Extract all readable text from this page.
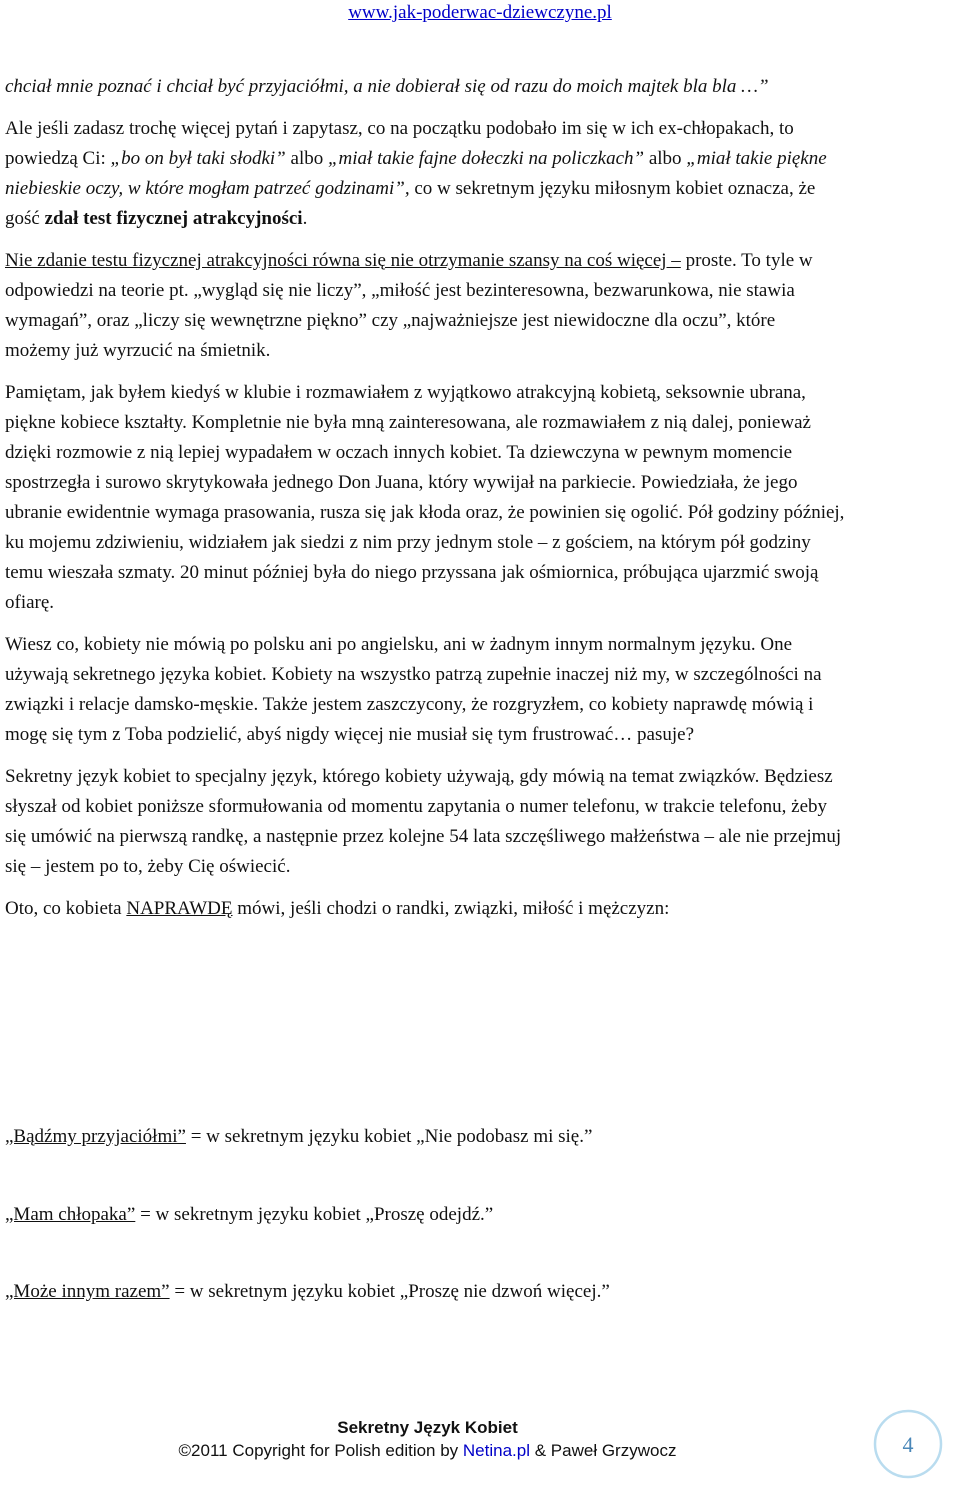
www.jak-poderwac-dziewczyne.pl

chciał mnie poznać i chciał być przyjaciółmi, a nie dobierał się od razu do moich majtek bla bla …”

Ale jeśli zadasz trochę więcej pytań i zapytasz, co na początku podobało im się w ich ex-chłopakach, to powiedzą Ci: „bo on był taki słodki” albo „miał takie fajne dołeczki na policzkach” albo „miał takie piękne niebieskie oczy, w które mogłam patrzeć godzinami”, co w sekretnym języku miłosnym kobiet oznacza, że gość zdał test fizycznej atrakcyjności.

Nie zdanie testu fizycznej atrakcyjności równa się nie otrzymanie szansy na coś więcej – proste. To tyle w odpowiedzi na teorie pt. „wygląd się nie liczy”, „miłość jest bezinteresowna, bezwarunkowa, nie stawia wymagań”, oraz „liczy się wewnętrzne piękno” czy „najważniejsze jest niewidoczne dla oczu”, które możemy już wyrzucić na śmietnik.

Pamiętam, jak byłem kiedyś w klubie i rozmawiałem z wyjątkowo atrakcyjną kobietą, seksownie ubrana, piękne kobiece kształty. Kompletnie nie była mną zainteresowana, ale rozmawiałem z nią dalej, ponieważ dzięki rozmowie z nią lepiej wypadałem w oczach innych kobiet. Ta dziewczyna w pewnym momencie spostrzegła i surowo skrytykowała jednego Don Juana, który wywijał na parkiecie. Powiedziała, że jego ubranie ewidentnie wymaga prasowania, rusza się jak kłoda oraz, że powinien się ogolić. Pół godziny później, ku mojemu zdziwieniu, widziałem jak siedzi z nim przy jednym stole – z gościem, na którym pół godziny temu wieszała szmaty. 20 minut później była do niego przyssana jak ośmiornica, próbująca ujarzmić swoją ofiarę.

Wiesz co, kobiety nie mówią po polsku ani po angielsku, ani w żadnym innym normalnym języku. One używają sekretnego języka kobiet. Kobiety na wszystko patrzą zupełnie inaczej niż my, w szczególności na związki i relacje damsko-męskie. Także jestem zaszczycony, że rozgryzłem, co kobiety naprawdę mówią i mogę się tym z Toba podzielić, abyś nigdy więcej nie musiał się tym frustrować… pasuje?

Sekretny język kobiet to specjalny język, którego kobiety używają, gdy mówią na temat związków. Będziesz słyszał od kobiet poniższe sformułowania od momentu zapytania o numer telefonu, w trakcie telefonu, żeby się umówić na pierwszą randkę, a następnie przez kolejne 54 lata szczęśliwego małżeństwa – ale nie przejmuj się – jestem po to, żeby Cię oświecić.

Oto, co kobieta NAPRAWDĘ mówi, jeśli chodzi o randki, związki, miłość i mężczyzn:

„Bądźmy przyjaciółmi” = w sekretnym języku kobiet „Nie podobasz mi się.”
„Mam chłopaka” = w sekretnym języku kobiet „Proszę odejdź.”
„Może innym razem” = w sekretnym języku kobiet „Proszę nie dzwoń więcej.”
Sekretny Język Kobiet
©2011 Copyright for Polish edition by Netina.pl & Paweł Grzywocz	4
